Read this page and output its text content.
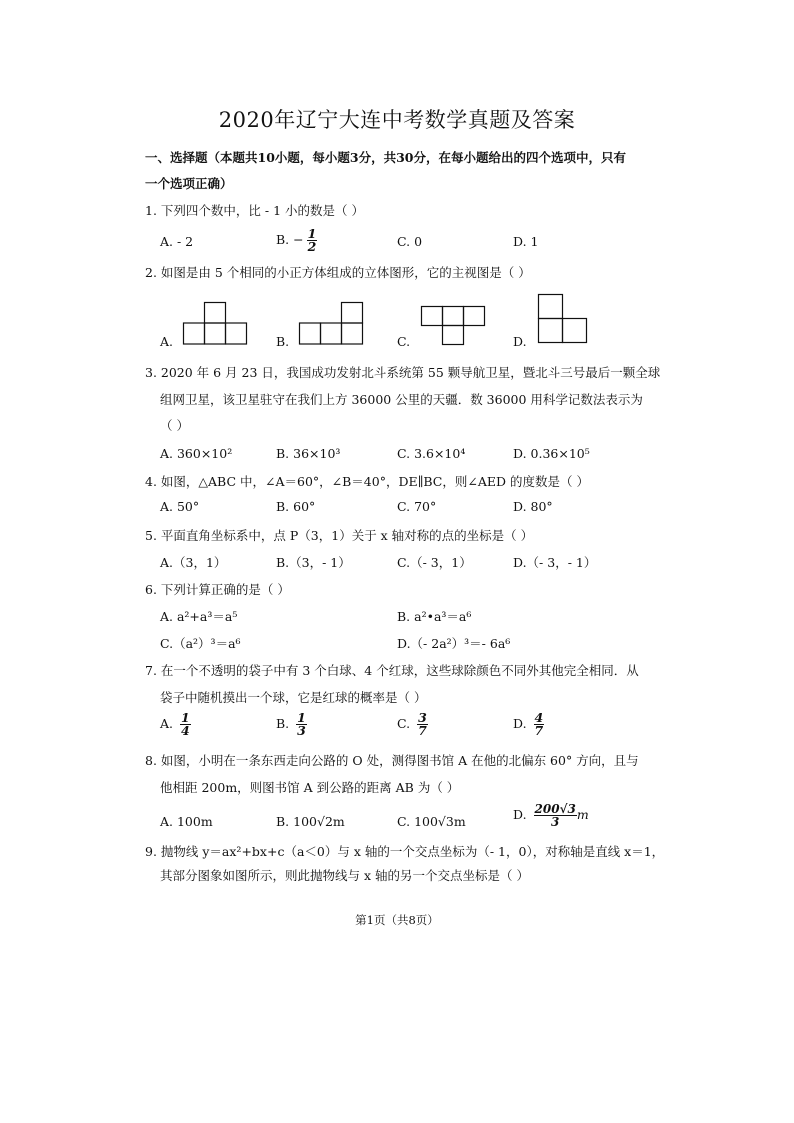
2020年辽宁大连中考数学真题及答案
一、选择题（本题共10小题，每小题3分，共30分，在每小题给出的四个选项中，只有
一个选项正确）
1. 下列四个数中，比 - 1 小的数是（ ）
A. - 2	B. − $\frac{1}{2}$	C. 0	D. 1
2. 如图是由 5 个相同的小正方体组成的立体图形，它的主视图是（ ）
A.	B.	C.	D.
3. 2020 年 6 月 23 日，我国成功发射北斗系统第 55 颗导航卫星，暨北斗三号最后一颗全球
组网卫星，该卫星驻守在我们上方 36000 公里的天疆．数 36000 用科学记数法表示为
（ ）
A. 360×10²	B. 36×10³	C. 3.6×10⁴	D. 0.36×10⁵
4. 如图，△ABC 中，∠A＝60°，∠B＝40°，DE∥BC，则∠AED 的度数是（ ）
A. 50°	B. 60°	C. 70°	D. 80°
5. 平面直角坐标系中，点 P（3，1）关于 x 轴对称的点的坐标是（ ）
A.（3，1）	B.（3，- 1）	C.（- 3，1）	D.（- 3，- 1）
6. 下列计算正确的是（ ）
A. a²+a³＝a⁵	B. a²•a³＝a⁶
C.（a²）³＝a⁶	D.（- 2a²）³＝- 6a⁶
7. 在一个不透明的袋子中有 3 个白球、4 个红球，这些球除颜色不同外其他完全相同．从
袋子中随机摸出一个球，它是红球的概率是（ ）
A. $\frac{1}{4}$	B. $\frac{1}{3}$	C. $\frac{3}{7}$	D. $\frac{4}{7}$
8. 如图，小明在一条东西走向公路的 O 处，测得图书馆 A 在他的北偏东 60° 方向，且与
他相距 200m，则图书馆 A 到公路的距离 AB 为（ ）
A. 100m	B. 100√2m	C. 100√3m	D. $\frac{200√3}{3}$ m
9. 抛物线 y＝ax²+bx+c（a＜0）与 x 轴的一个交点坐标为（- 1，0），对称轴是直线 x＝1，
其部分图象如图所示，则此抛物线与 x 轴的另一个交点坐标是（ ）
第1页（共8页）
